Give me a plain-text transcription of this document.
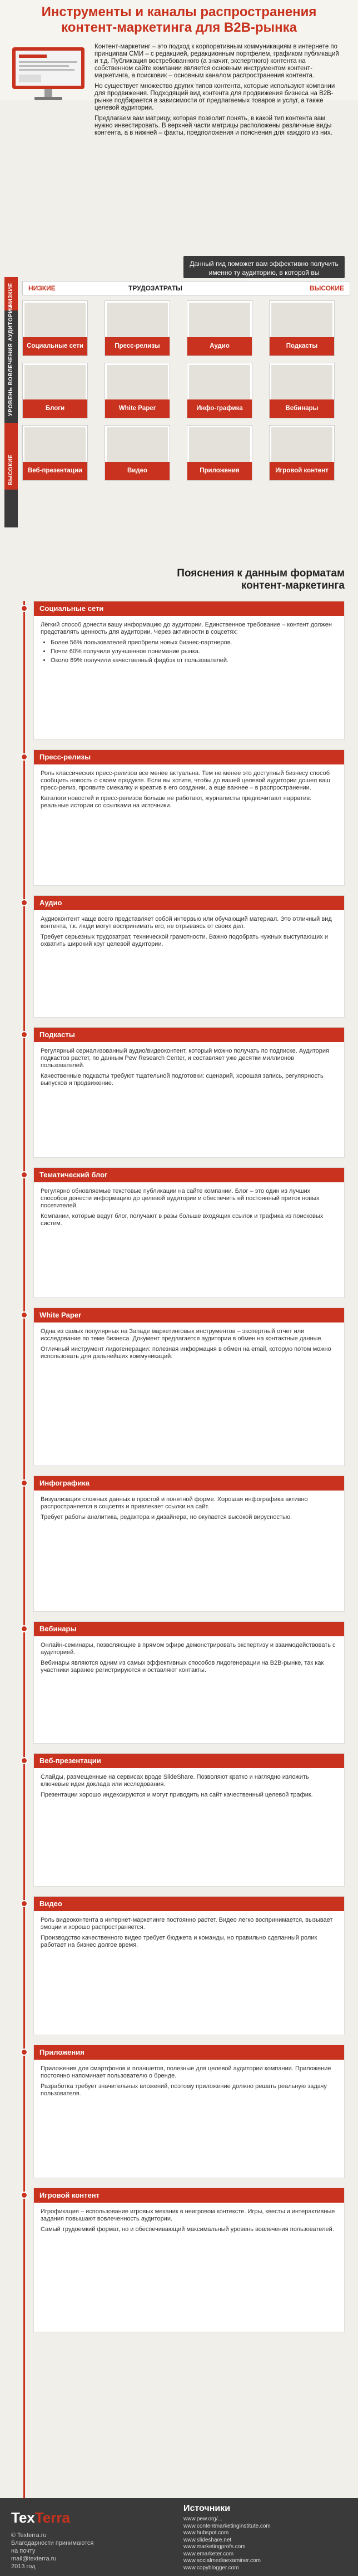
Инструменты и каналы распространения контент-маркетинга для B2B-рынка

Контент-маркетинг – это подход к корпоративным коммуникациям в интернете по принципам СМИ – с редакцией, редакционным портфелем, графиком публикаций и т.д. Публикация востребованного (а значит, экспертного) контента на собственном сайте компании является основным инструментом контент-маркетинга, а поисковик – основным каналом распространения контента.

Но существует множество других типов контента, которые используют компании для продвижения. Подходящий вид контента для продвижения бизнеса на B2B-рынке подбирается в зависимости от предлагаемых товаров и услуг, а также целевой аудитории.

Предлагаем вам матрицу, которая позволит понять, в какой тип контента вам нужно инвестировать. В верхней части матрицы расположены различные виды контента, а в нижней – факты, предположения и пояснения для каждого из них.

Данный гид поможет вам эффективно получить именно ту аудиторию, в которой вы
НИЗКИЕ
УРОВЕНЬ ВОВЛЕЧЕНИЯ АУДИТОРИИ
ВЫСОКИЕ
НИЗКИЕ	ТРУДОЗАТРАТЫ	ВЫСОКИЕ
Социальные сети	Пресс-релизы	Аудио	Подкасты
Блоги	White Paper	Инфо-графика	Вебинары
Веб-презентации	Видео	Приложения	Игровой контент
Пояснения к данным форматам контент-маркетинга
Социальные сети

Лёгкий способ донести вашу информацию до аудитории. Единственное требование – контент должен представлять ценность для аудитории. Через активности в соцсетях:

• Более 56% пользователей приобрели новых бизнес-партнеров.
• Почти 60% получили улучшенное понимание рынка.
• Около 69% получили качественный фидбэк от пользователей.
Пресс-релизы

Роль классических пресс-релизов все менее актуальна. Тем не менее это доступный бизнесу способ сообщить новость о своем продукте. Если вы хотите, чтобы до вашей целевой аудитории дошел ваш пресс-релиз, проявите смекалку и креатив в его создании, а еще важнее – в распространении.

Каталоги новостей и пресс-релизов больше не работают, журналисты предпочитают нарратив: реальные истории со ссылками на источники.

Аудио

Аудиоконтент чаще всего представляет собой интервью или обучающий материал. Это отличный вид контента, т.к. люди могут воспринимать его, не отрываясь от своих дел.

Требует серьезных трудозатрат, технической грамотности. Важно подобрать нужных выступающих и охватить широкий круг целевой аудитории.

Подкасты

Регулярный сериализованный аудио/видеоконтент, который можно получать по подписке. Аудитория подкастов растет, по данным Pew Research Center, и составляет уже десятки миллионов пользователей.

Качественные подкасты требуют тщательной подготовки: сценарий, хорошая запись, регулярность выпусков и продвижение.

Тематический блог

Регулярно обновляемые текстовые публикации на сайте компании. Блог – это один из лучших способов донести информацию до целевой аудитории и обеспечить ей постоянный приток новых посетителей.

Компании, которые ведут блог, получают в разы больше входящих ссылок и трафика из поисковых систем.

White Paper

Одна из самых популярных на Западе маркетинговых инструментов – экспертный отчет или исследование по теме бизнеса. Документ предлагается аудитории в обмен на контактные данные.

Отличный инструмент лидогенерации: полезная информация в обмен на email, которую потом можно использовать для дальнейших коммуникаций.

Инфографика

Визуализация сложных данных в простой и понятной форме. Хорошая инфографика активно распространяется в соцсетях и привлекает ссылки на сайт.

Требует работы аналитика, редактора и дизайнера, но окупается высокой вирусностью.

Вебинары

Онлайн-семинары, позволяющие в прямом эфире демонстрировать экспертизу и взаимодействовать с аудиторией.

Вебинары являются одним из самых эффективных способов лидогенерации на B2B-рынке, так как участники заранее регистрируются и оставляют контакты.

Веб-презентации

Слайды, размещенные на сервисах вроде SlideShare. Позволяют кратко и наглядно изложить ключевые идеи доклада или исследования.

Презентации хорошо индексируются и могут приводить на сайт качественный целевой трафик.

Видео

Роль видеоконтента в интернет-маркетинге постоянно растет. Видео легко воспринимается, вызывает эмоции и хорошо распространяется.

Производство качественного видео требует бюджета и команды, но правильно сделанный ролик работает на бизнес долгое время.

Приложения

Приложения для смартфонов и планшетов, полезные для целевой аудитории компании. Приложение постоянно напоминает пользователю о бренде.

Разработка требует значительных вложений, поэтому приложение должно решать реальную задачу пользователя.

Игровой контент

Игрофикация – использование игровых механик в неигровом контексте. Игры, квесты и интерактивные задания повышают вовлеченность аудитории.

Самый трудоемкий формат, но и обеспечивающий максимальный уровень вовлечения пользователей.

TexTerra
© Texterra.ru
Благодарности принимаются на почту
mail@texterra.ru
2013 год
Источники
www.pew.org/...
www.contentmarketinginstitute.com
www.hubspot.com
www.slideshare.net
www.marketingprofs.com
www.emarketer.com
www.socialmediaexaminer.com
www.copyblogger.com
